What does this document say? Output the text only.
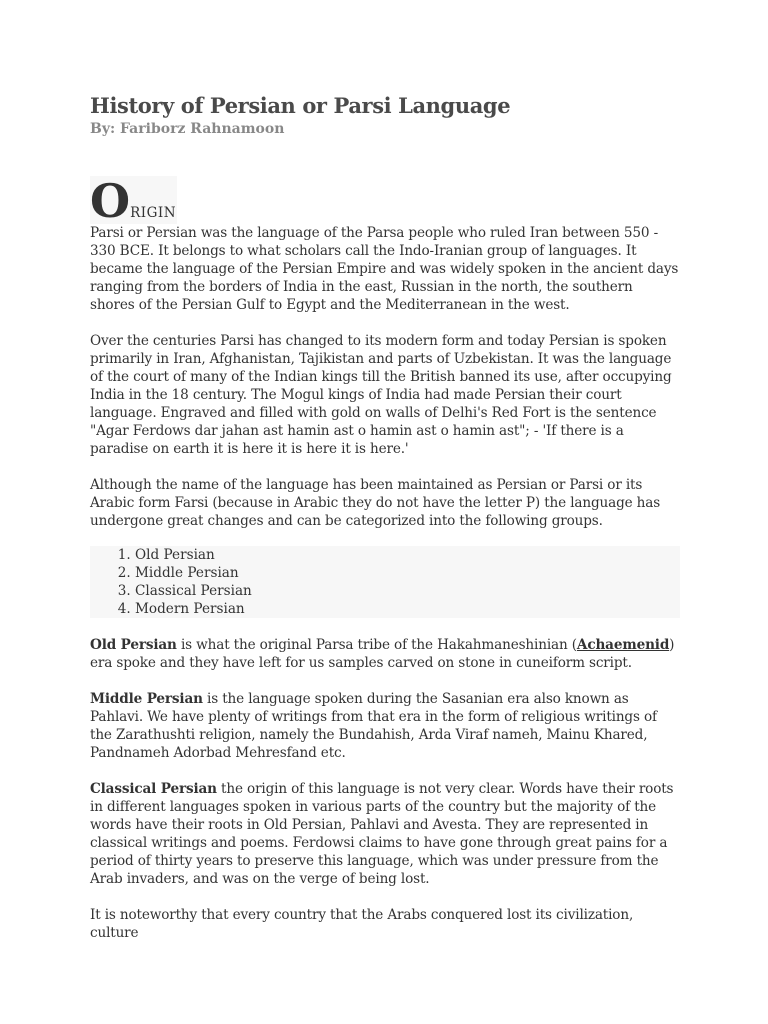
History of Persian or Parsi Language
By: Fariborz Rahnamoon
ORIGIN

Parsi or Persian was the language of the Parsa people who ruled Iran between 550 - 330 BCE. It belongs to what scholars call the Indo-Iranian group of languages. It became the language of the Persian Empire and was widely spoken in the ancient days ranging from the borders of India in the east, Russian in the north, the southern shores of the Persian Gulf to Egypt and the Mediterranean in the west.

Over the centuries Parsi has changed to its modern form and today Persian is spoken primarily in Iran, Afghanistan, Tajikistan and parts of Uzbekistan. It was the language of the court of many of the Indian kings till the British banned its use, after occupying India in the 18 century. The Mogul kings of India had made Persian their court language. Engraved and filled with gold on walls of Delhi's Red Fort is the sentence "Agar Ferdows dar jahan ast hamin ast o hamin ast o hamin ast"; - 'If there is a paradise on earth it is here it is here it is here.'

Although the name of the language has been maintained as Persian or Parsi or its Arabic form Farsi (because in Arabic they do not have the letter P) the language has undergone great changes and can be categorized into the following groups.

1. Old Persian
2. Middle Persian
3. Classical Persian
4. Modern Persian

Old Persian is what the original Parsa tribe of the Hakahmaneshinian (Achaemenid) era spoke and they have left for us samples carved on stone in cuneiform script.

Middle Persian is the language spoken during the Sasanian era also known as Pahlavi. We have plenty of writings from that era in the form of religious writings of the Zarathushti religion, namely the Bundahish, Arda Viraf nameh, Mainu Khared, Pandnameh Adorbad Mehresfand etc.

Classical Persian the origin of this language is not very clear. Words have their roots in different languages spoken in various parts of the country but the majority of the words have their roots in Old Persian, Pahlavi and Avesta. They are represented in classical writings and poems. Ferdowsi claims to have gone through great pains for a period of thirty years to preserve this language, which was under pressure from the Arab invaders, and was on the verge of being lost.

It is noteworthy that every country that the Arabs conquered lost its civilization, culture
